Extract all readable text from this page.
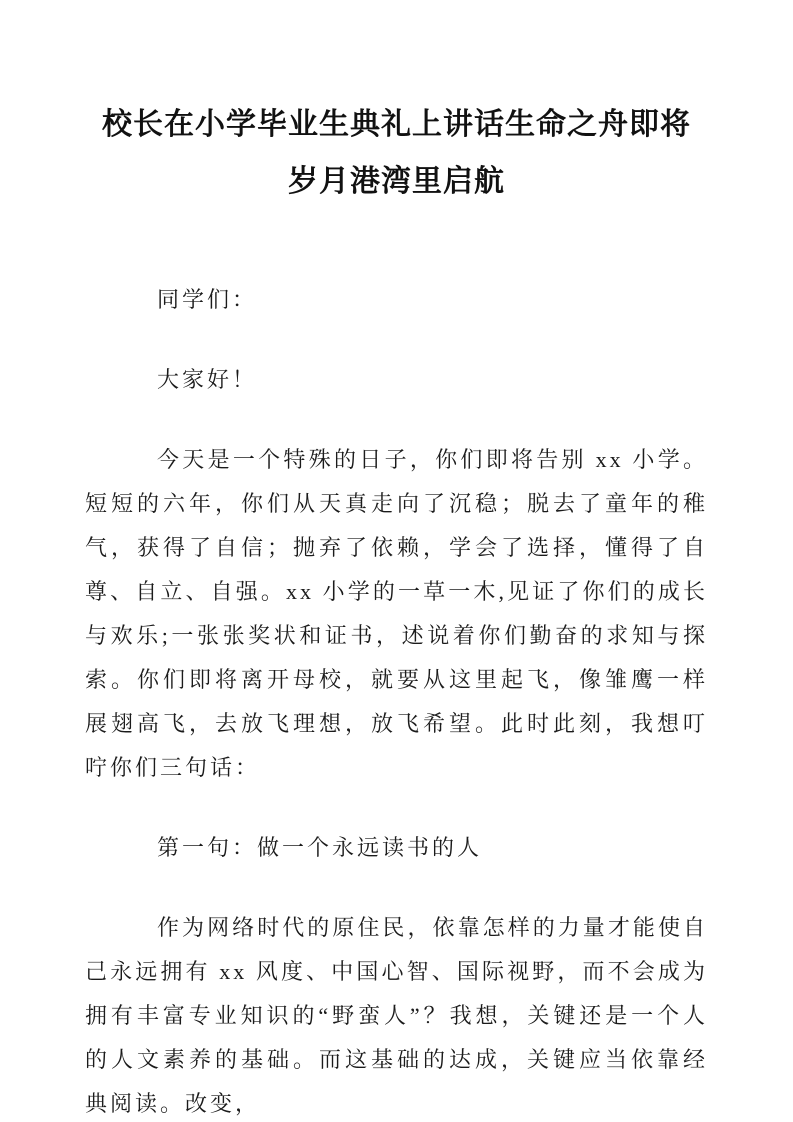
校长在小学毕业生典礼上讲话生命之舟即将
岁月港湾里启航

同学们：

大家好！

今天是一个特殊的日子，你们即将告别 xx 小学。短短的六年，你们从天真走向了沉稳；脱去了童年的稚气，获得了自信；抛弃了依赖，学会了选择，懂得了自尊、自立、自强。xx 小学的一草一木,见证了你们的成长与欢乐;一张张奖状和证书，述说着你们勤奋的求知与探索。你们即将离开母校，就要从这里起飞，像雏鹰一样展翅高飞，去放飞理想，放飞希望。此时此刻，我想叮咛你们三句话：

第一句：做一个永远读书的人

作为网络时代的原住民，依靠怎样的力量才能使自己永远拥有 xx 风度、中国心智、国际视野，而不会成为拥有丰富专业知识的“野蛮人”？我想，关键还是一个人的人文素养的基础。而这基础的达成，关键应当依靠经典阅读。改变，
